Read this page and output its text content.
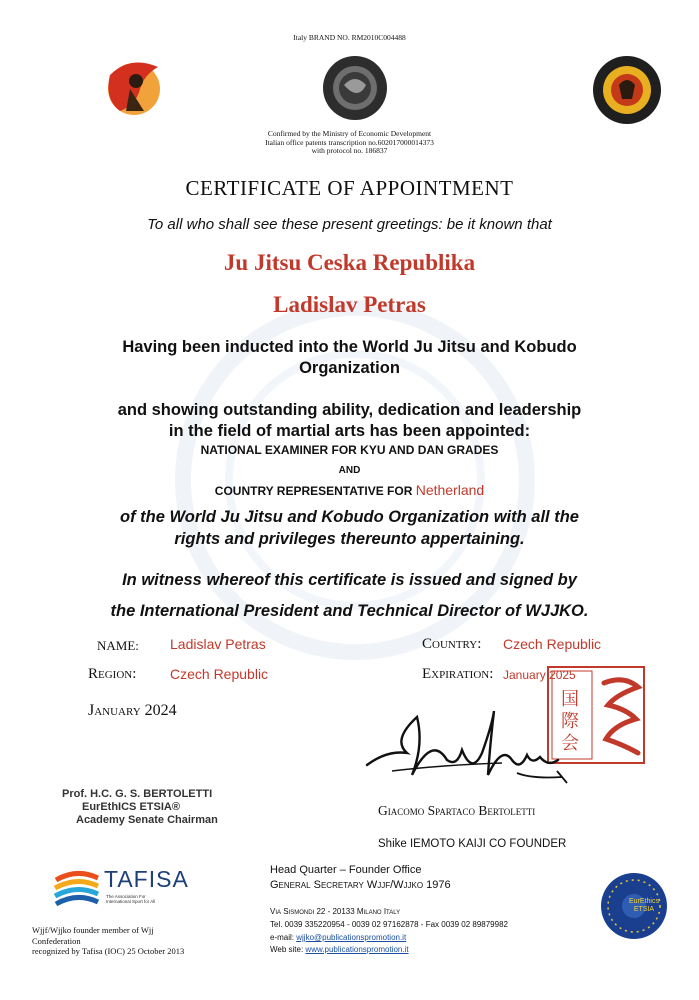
Italy BRAND NO. RM2010C004488
Confirmed by the Ministry of Economic Development
Italian office patents transcription no.602017000014373
with protocol no. 186837
CERTIFICATE OF APPOINTMENT
To all who shall see these present greetings: be it known that
Ju Jitsu Ceska Republika
Ladislav Petras
Having been inducted into the World Ju Jitsu and Kobudo
Organization
and showing outstanding ability, dedication and leadership
in the field of martial arts has been appointed:
NATIONAL EXAMINER FOR KYU AND DAN GRADES
AND
COUNTRY REPRESENTATIVE FOR Netherland
of the World Ju Jitsu and Kobudo Organization with all the
rights and privileges thereunto appertaining.
In witness whereof this certificate is issued and signed by
the International President and Technical Director of WJJKO.
NAME: Ladislav Petras	Country: Czech Republic
Region: Czech Republic	Expiration: January 2025
January 2024
国
際
会
Prof. H.C. G. S. BERTOLETTI
EurEthICS ETSIA®
Academy Senate Chairman
Giacomo Spartaco Bertoletti
Shike IEMOTO KAIJI CO FOUNDER
TAFISA
The Association For International Sport for All
Wjjf/Wjjko founder member of Wjj
Confederation
recognized by Tafisa (IOC) 25 October 2013
Head Quarter – Founder Office
General Secretary Wjjf/Wjjko 1976
Via Sismondi 22 - 20133 Milano Italy
Tel. 0039 335220954 - 0039 02 97162878 - Fax 0039 02 89879982
e-mail: wjjko@publicationspromotion.it
Web site: www.publicationspromotion.it
EurEthics ETSIA
